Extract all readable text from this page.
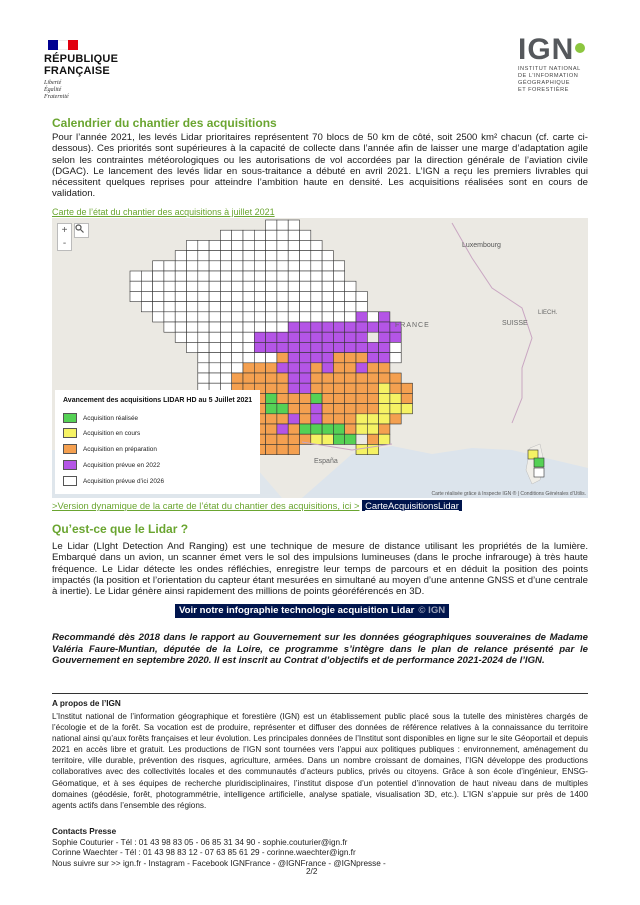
RÉPUBLIQUE
FRANÇAISE
Liberté
Égalité
Fraternité
IGN
INSTITUT NATIONAL
DE L'INFORMATION
GÉOGRAPHIQUE
ET FORESTIÈRE
Calendrier du chantier des acquisitions
Pour l’année 2021, les levés Lidar prioritaires représentent 70 blocs de 50 km de côté, soit 2500 km² chacun (cf. carte ci-dessous). Ces priorités sont supérieures à la capacité de collecte dans l’année afin de laisser une marge d’adaptation agile selon les contraintes météorologiques ou les autorisations de vol accordées par la direction générale de l’aviation civile (DGAC). Le lancement des levés lidar en sous-traitance a débuté en avril 2021. L’IGN a reçu les premiers livrables qui nécessitent quelques reprises pour atteindre l’ambition haute en densité. Les acquisitions réalisées sont en cours de validation.
Carte de l’état du chantier des acquisitions à juillet 2021
+
-	Luxembourg
FRANCE	SUISSE
LIECH.
España
Avancement des acquisitions LIDAR HD au 5 Juillet 2021
Acquisition réalisée
Acquisition en cours
Acquisition en préparation
Acquisition prévue en 2022
Acquisition prévue d’ici 2026
Carte réalisée grâce à Inspecte IGN ® | Conditions Générales d’Utilis.
>Version dynamique de la carte de l’état du chantier des acquisitions, ici > CarteAcquisitionsLidar
Qu’est-ce que le Lidar ?
Le Lidar (LIght Detection And Ranging) est une technique de mesure de distance utilisant les propriétés de la lumière. Embarqué dans un avion, un scanner émet vers le sol des impulsions lumineuses (dans le proche infrarouge) à très haute fréquence. Le Lidar détecte les ondes réfléchies, enregistre leur temps de parcours et en déduit la position des points impactés (la position et l’orientation du capteur étant mesurées en simultané au moyen d’une antenne GNSS et d’une centrale à inertie). Le Lidar génère ainsi rapidement des millions de points géoréférencés en 3D.
Voir notre infographie technologie acquisition Lidar © IGN
Recommandé dès 2018 dans le rapport au Gouvernement sur les données géographiques souveraines de Madame Valéria Faure-Muntian, députée de la Loire, ce programme s’intègre dans le plan de relance présenté par le Gouvernement en septembre 2020. Il est inscrit au Contrat d’objectifs et de performance 2021-2024 de l’IGN.
A propos de l’IGN
L’Institut national de l’information géographique et forestière (IGN) est un établissement public placé sous la tutelle des ministères chargés de l’écologie et de la forêt. Sa vocation est de produire, représenter et diffuser des données de référence relatives à la connaissance du territoire national ainsi qu’aux forêts françaises et leur évolution. Les principales données de l’Institut sont disponibles en ligne sur le site Géoportail et depuis 2021 en accès libre et gratuit. Les productions de l’IGN sont tournées vers l’appui aux politiques publiques : environnement, aménagement du territoire, ville durable, prévention des risques, agriculture, armées. Dans un nombre croissant de domaines, l’IGN développe des productions collaboratives avec des collectivités locales et des communautés d’acteurs publics, privés ou citoyens. Grâce à son école d’ingénieur, ENSG-Géomatique, et à ses équipes de recherche pluridisciplinaires, l’institut dispose d’un potentiel d’innovation de haut niveau dans de multiples domaines (géodésie, forêt, photogrammétrie, intelligence artificielle, analyse spatiale, visualisation 3D, etc.). L’IGN s’appuie sur près de 1400 agents actifs dans l’ensemble des régions.
Contacts Presse
Sophie Couturier - Tél : 01 43 98 83 05 - 06 85 31 34 90 - sophie.couturier@ign.fr
Corinne Waechter - Tél : 01 43 98 83 12 - 07 63 85 61 29 - corinne.waechter@ign.fr
Nous suivre sur >> ign.fr - Instagram - Facebook IGNFrance - @IGNFrance - @IGNpresse -
2/2
